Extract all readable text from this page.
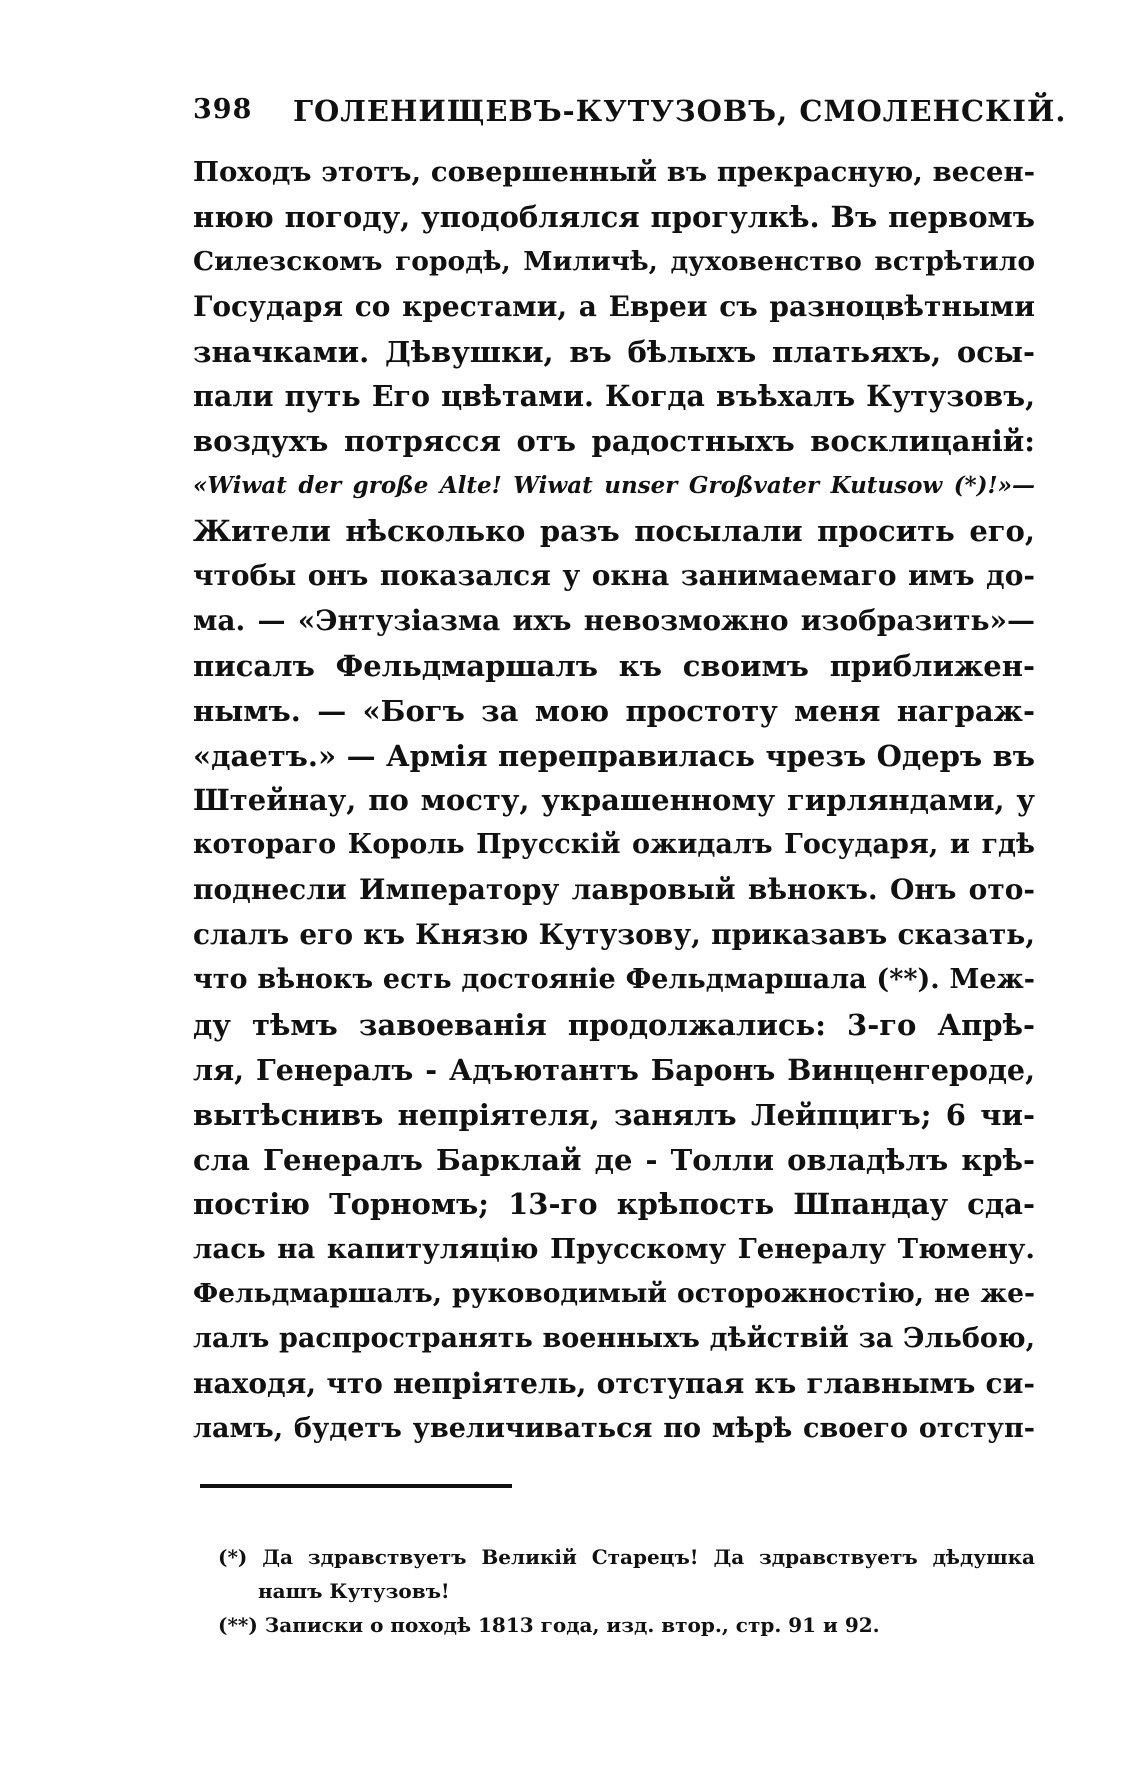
398 ГОЛЕНИЩЕВЪ-КУТУЗОВЪ, СМОЛЕНСКІЙ.
Походъ этотъ, совершенный въ прекрасную, весен-
нюю погоду, уподоблялся прогулкѣ. Въ первомъ
Силезскомъ городѣ, Миличѣ, духовенство встрѣтило
Государя со крестами, а Евреи съ разноцвѣтными
значками. Дѣвушки, въ бѣлыхъ платьяхъ, осы-
пали путь Его цвѣтами. Когда въѣхалъ Кутузовъ,
воздухъ потрясся отъ радостныхъ восклицаній:
«Wiwat der große Alte! Wiwat unser Großvater Kutusow (*)!»—
Жители нѣсколько разъ посылали просить его,
чтобы онъ показался у окна занимаемаго имъ до-
ма. — «Энтузіазма ихъ невозможно изобразить»—
писалъ Фельдмаршалъ къ своимъ приближен-
нымъ. — «Богъ за мою простоту меня награж-
«даетъ.» — Армія переправилась чрезъ Одеръ въ
Штейнау, по мосту, украшенному гирляндами, у
котораго Король Прусскій ожидалъ Государя, и гдѣ
поднесли Императору лавровый вѣнокъ. Онъ ото-
слалъ его къ Князю Кутузову, приказавъ сказать,
что вѣнокъ есть достояніе Фельдмаршала (**). Меж-
ду тѣмъ завоеванія продолжались: 3-го Апрѣ-
ля, Генералъ - Адъютантъ Баронъ Винценгероде,
вытѣснивъ непріятеля, занялъ Лейпцигъ; 6 чи-
сла Генералъ Барклай де - Толли овладѣлъ крѣ-
постію Торномъ; 13-го крѣпость Шпандау сда-
лась на капитуляцію Прусскому Генералу Тюмену.
Фельдмаршалъ, руководимый осторожностію, не же-
лалъ распространять военныхъ дѣйствій за Эльбою,
находя, что непріятель, отступая къ главнымъ си-
ламъ, будетъ увеличиваться по мѣрѣ своего отступ-
(*) Да здравствуетъ Великій Старецъ! Да здравствуетъ дѣдушка
нашъ Кутузовъ!
(**) Записки о походѣ 1813 года, изд. втор., стр. 91 и 92.
